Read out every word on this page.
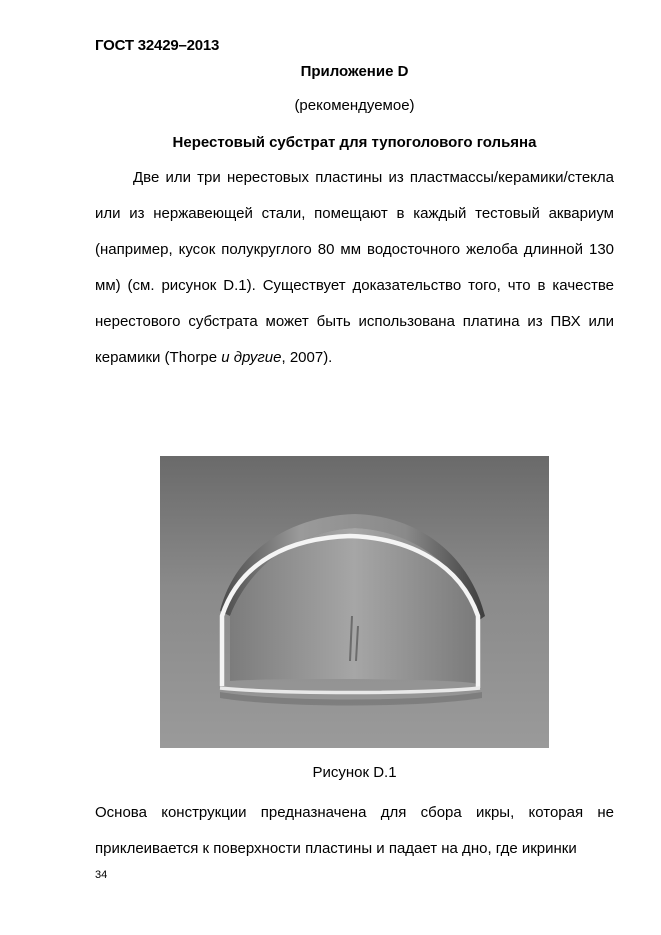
ГОСТ 32429–2013
Приложение D
(рекомендуемое)
Нерестовый субстрат для тупоголового гольяна

Две или три нерестовых пластины из пластмассы/керамики/стекла или из нержавеющей стали, помещают в каждый тестовый аквариум (например, кусок полукруглого 80 мм водосточного желоба длинной 130 мм) (см. рисунок D.1). Существует доказательство того, что в качестве нерестового субстрата может быть использована платина из ПВХ или керамики (Thorpe и другие, 2007).

Рисунок D.1

Основа конструкции предназначена для сбора икры, которая не приклеивается к поверхности пластины и падает на дно, где икринки

34
